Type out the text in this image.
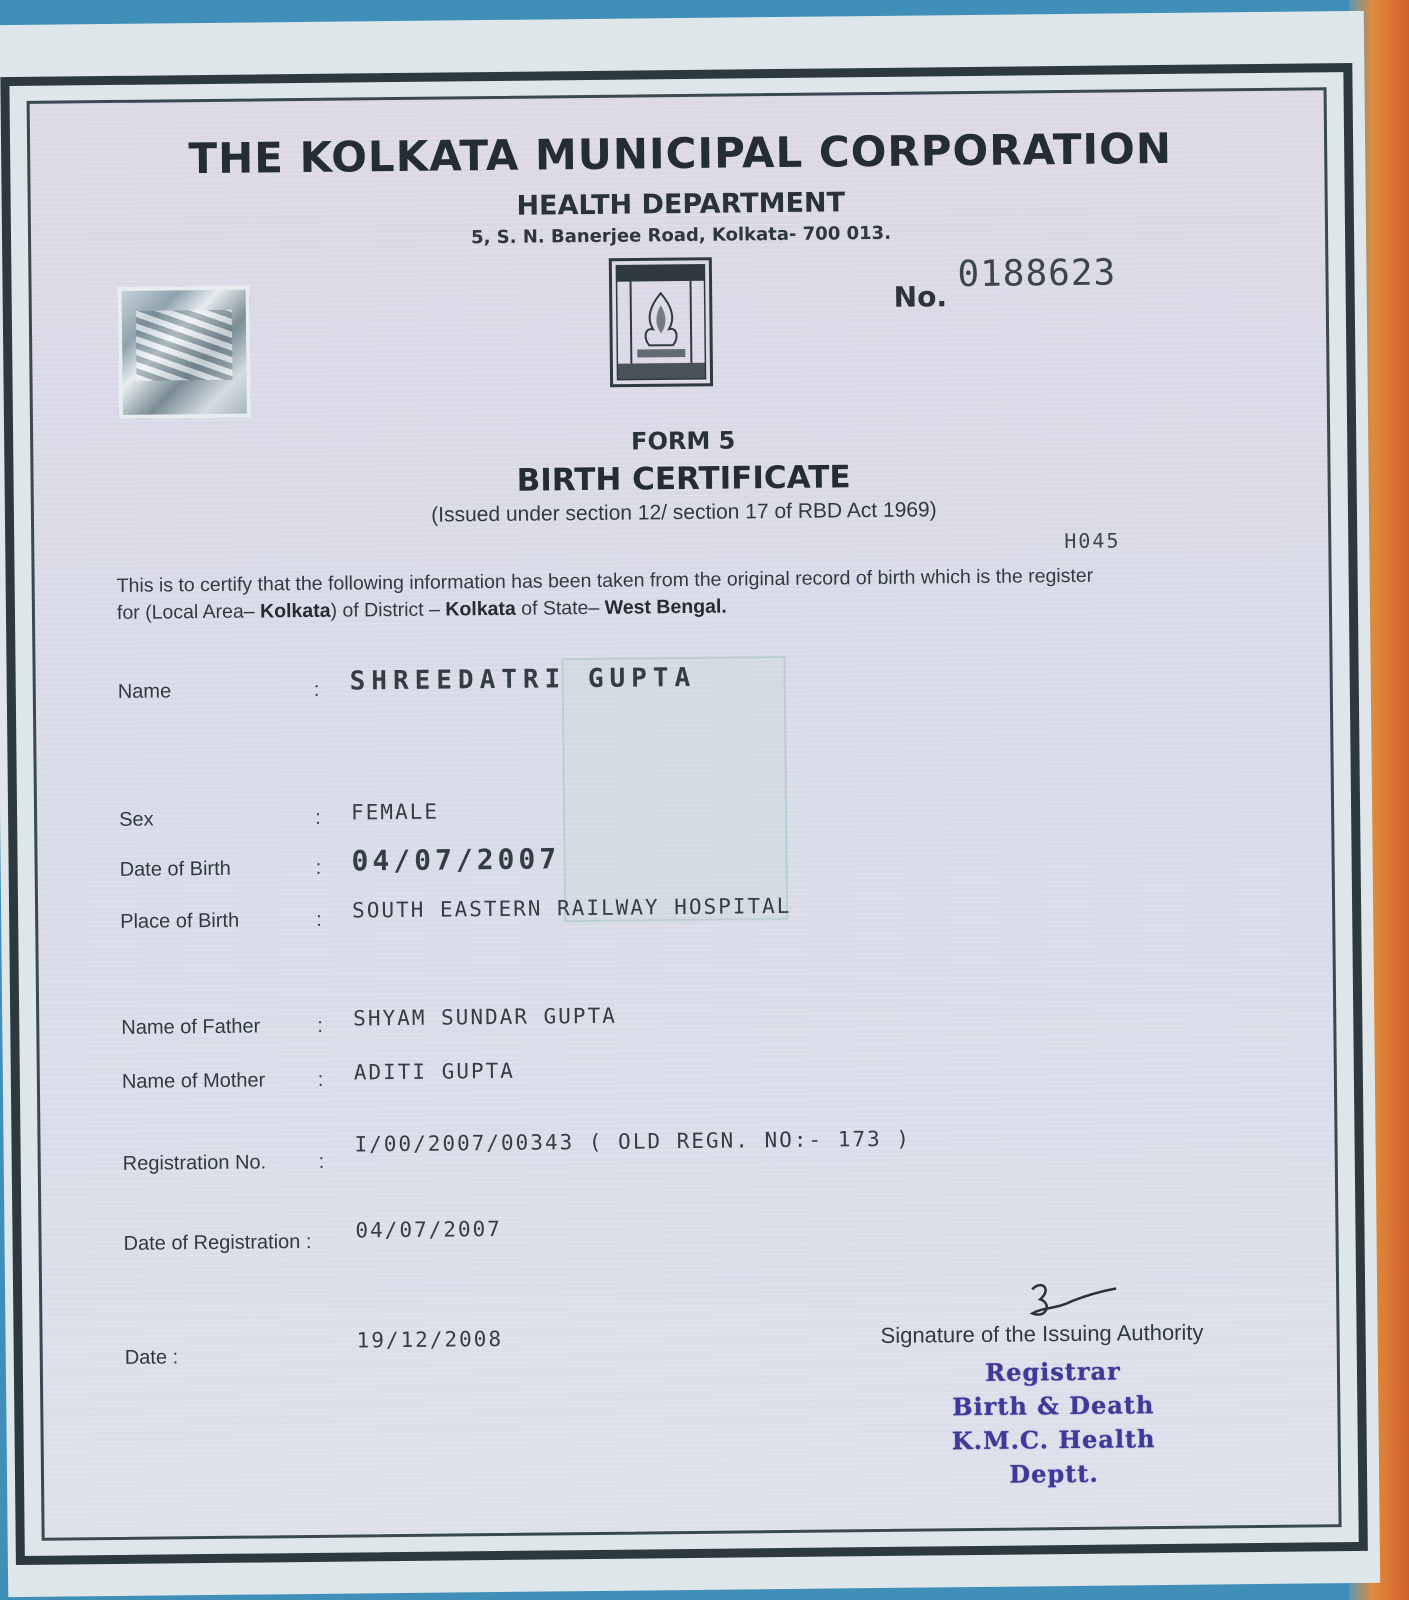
THE KOLKATA MUNICIPAL CORPORATION
HEALTH DEPARTMENT
5, S. N. Banerjee Road, Kolkata- 700 013.
No.
0188623
FORM 5
BIRTH CERTIFICATE
(Issued under section 12/ section 17 of RBD Act 1969)
H045
This is to certify that the following information has been taken from the original record of birth which is the register
for (Local Area– Kolkata) of District – Kolkata of State– West Bengal.
Name	: SHREEDATRI GUPTA
Sex	: FEMALE
Date of Birth	: 04/07/2007
Place of Birth	: SOUTH EASTERN RAILWAY HOSPITAL
Name of Father	: SHYAM SUNDAR GUPTA
Name of Mother	: ADITI GUPTA
Registration No.	:
I/00/2007/00343 ( OLD REGN. NO:- 173 )
Date of Registration :
04/07/2007
Date :
19/12/2008	Signature of the Issuing Authority
Registrar
Birth & Death
K.M.C. Health Deptt.
